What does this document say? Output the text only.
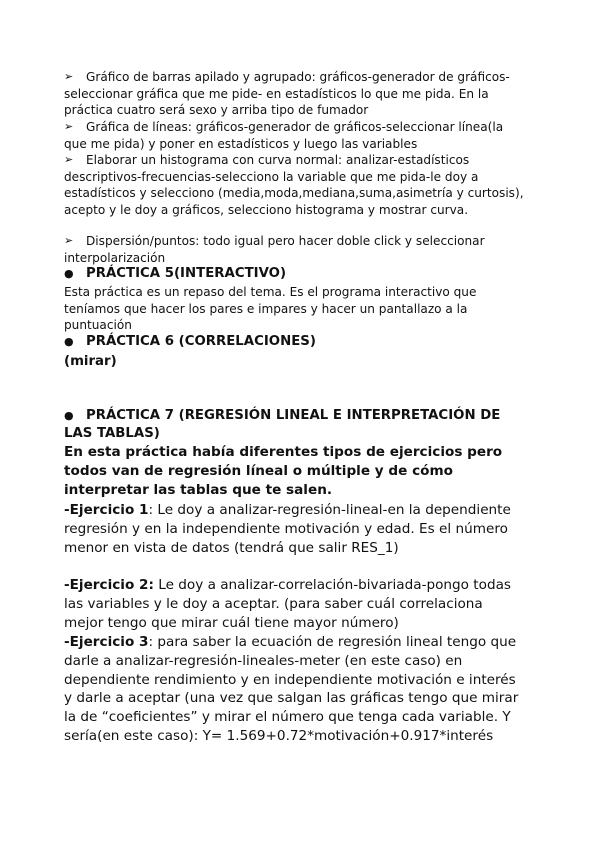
➢	Gráfico de barras apilado y agrupado: gráficos-generador de gráficos-seleccionar gráfica que me pide- en estadísticos lo que me pida. En la práctica cuatro será sexo y arriba tipo de fumador
➢	Gráfica de líneas: gráficos-generador de gráficos-seleccionar línea(la que me pida) y poner en estadísticos y luego las variables
➢	Elaborar un histograma con curva normal: analizar-estadísticos descriptivos-frecuencias-selecciono la variable que me pida-le doy a estadísticos y selecciono (media,moda,mediana,suma,asimetría y curtosis), acepto y le doy a gráficos, selecciono histograma y mostrar curva.
➢	Dispersión/puntos: todo igual pero hacer doble click y seleccionar interpolarización
● PRÁCTICA 5(INTERACTIVO)
Esta práctica es un repaso del tema. Es el programa interactivo que teníamos que hacer los pares e impares y hacer un pantallazo a la puntuación
● PRÁCTICA 6 (CORRELACIONES)
(mirar)
● PRÁCTICA 7 (REGRESIÓN LINEAL E INTERPRETACIÓN DE LAS TABLAS)
En esta práctica había diferentes tipos de ejercicios pero todos van de regresión líneal o múltiple y de cómo interpretar las tablas que te salen.
-Ejercicio 1: Le doy a analizar-regresión-lineal-en la dependiente regresión y en la independiente motivación y edad. Es el número menor en vista de datos (tendrá que salir RES_1)
-Ejercicio 2: Le doy a analizar-correlación-bivariada-pongo todas las variables y le doy a aceptar. (para saber cuál correlaciona mejor tengo que mirar cuál tiene mayor número)
-Ejercicio 3: para saber la ecuación de regresión lineal tengo que darle a analizar-regresión-lineales-meter (en este caso) en dependiente rendimiento y en independiente motivación e interés y darle a aceptar (una vez que salgan las gráficas tengo que mirar la de “coeficientes” y mirar el número que tenga cada variable. Y sería(en este caso): Y= 1.569+0.72*motivación+0.917*interés
